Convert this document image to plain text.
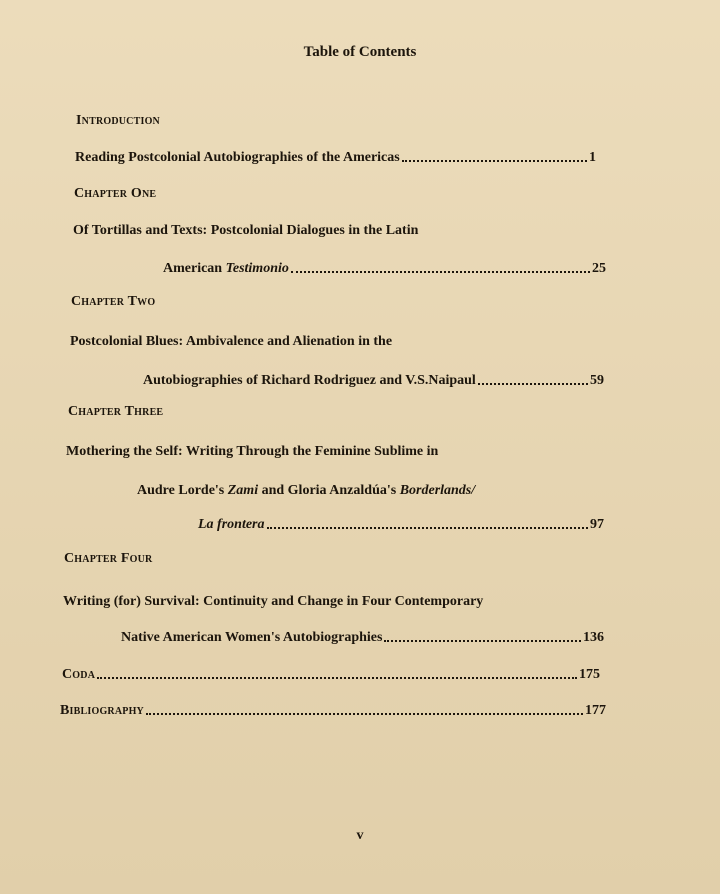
Table of Contents
Introduction
Reading Postcolonial Autobiographies of the Americas	1
Chapter One
Of Tortillas and Texts: Postcolonial Dialogues in the Latin
American Testimonio	25
Chapter Two
Postcolonial Blues: Ambivalence and Alienation in the
Autobiographies of Richard Rodriguez and V.S.Naipaul	59
Chapter Three
Mothering the Self: Writing Through the Feminine Sublime in
Audre Lorde's Zami and Gloria Anzaldúa's Borderlands/
La frontera	97
Chapter Four
Writing (for) Survival: Continuity and Change in Four Contemporary
Native American Women's Autobiographies	136
Coda	175
Bibliography	177
v
